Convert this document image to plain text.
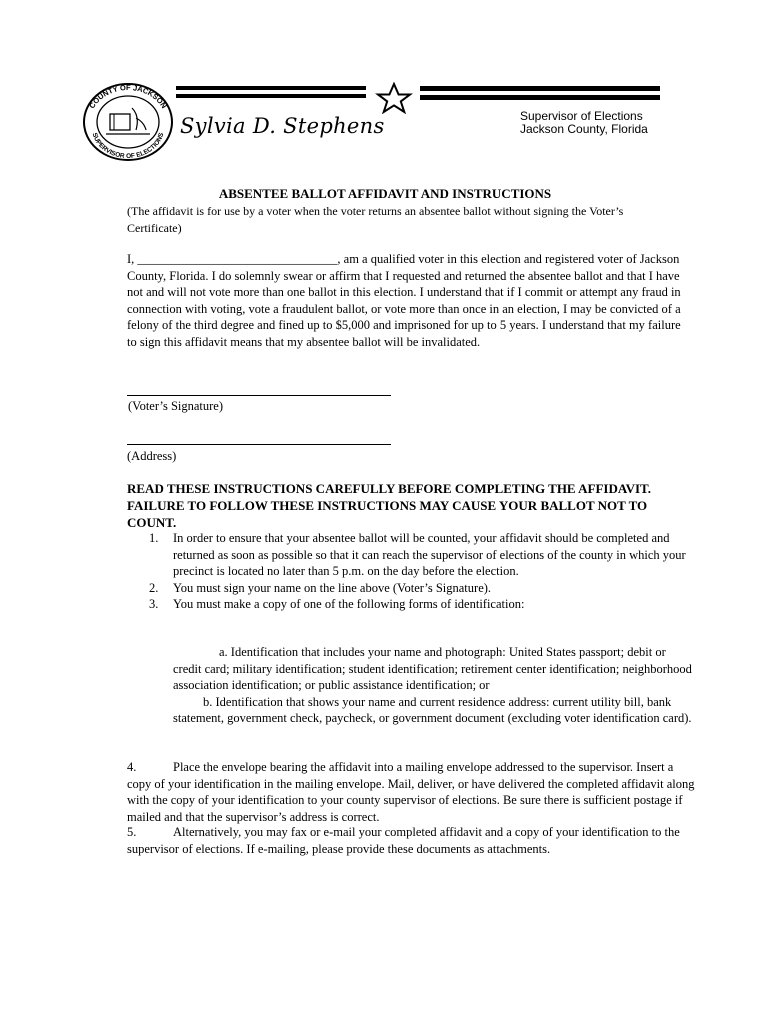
COUNTY OF JACKSON
SUPERVISOR OF ELECTIONS Sylvia D. Stephens	Supervisor of Elections
Jackson County, Florida
ABSENTEE BALLOT AFFIDAVIT AND INSTRUCTIONS
(The affidavit is for use by a voter when the voter returns an absentee ballot without signing the Voter’s Certificate)
I, ________________________________, am a qualified voter in this election and registered voter of Jackson County, Florida. I do solemnly swear or affirm that I requested and returned the absentee ballot and that I have not and will not vote more than one ballot in this election. I understand that if I commit or attempt any fraud in connection with voting, vote a fraudulent ballot, or vote more than once in an election, I may be convicted of a felony of the third degree and fined up to $5,000 and imprisoned for up to 5 years. I understand that my failure to sign this affidavit means that my absentee ballot will be invalidated.
(Voter’s Signature)
(Address)
READ THESE INSTRUCTIONS CAREFULLY BEFORE COMPLETING THE AFFIDAVIT. FAILURE TO FOLLOW THESE INSTRUCTIONS MAY CAUSE YOUR BALLOT NOT TO COUNT.
1. In order to ensure that your absentee ballot will be counted, your affidavit should be completed and returned as soon as possible so that it can reach the supervisor of elections of the county in which your precinct is located no later than 5 p.m. on the day before the election.
2. You must sign your name on the line above (Voter’s Signature).
3. You must make a copy of one of the following forms of identification:
a. Identification that includes your name and photograph: United States passport; debit or credit card; military identification; student identification; retirement center identification; neighborhood association identification; or public assistance identification; or
b. Identification that shows your name and current residence address: current utility bill, bank statement, government check, paycheck, or government document (excluding voter identification card).
4.	Place the envelope bearing the affidavit into a mailing envelope addressed to the supervisor. Insert a copy of your identification in the mailing envelope. Mail, deliver, or have delivered the completed affidavit along with the copy of your identification to your county supervisor of elections. Be sure there is sufficient postage if mailed and that the supervisor’s address is correct.
5.	Alternatively, you may fax or e-mail your completed affidavit and a copy of your identification to the supervisor of elections. If e-mailing, please provide these documents as attachments.
